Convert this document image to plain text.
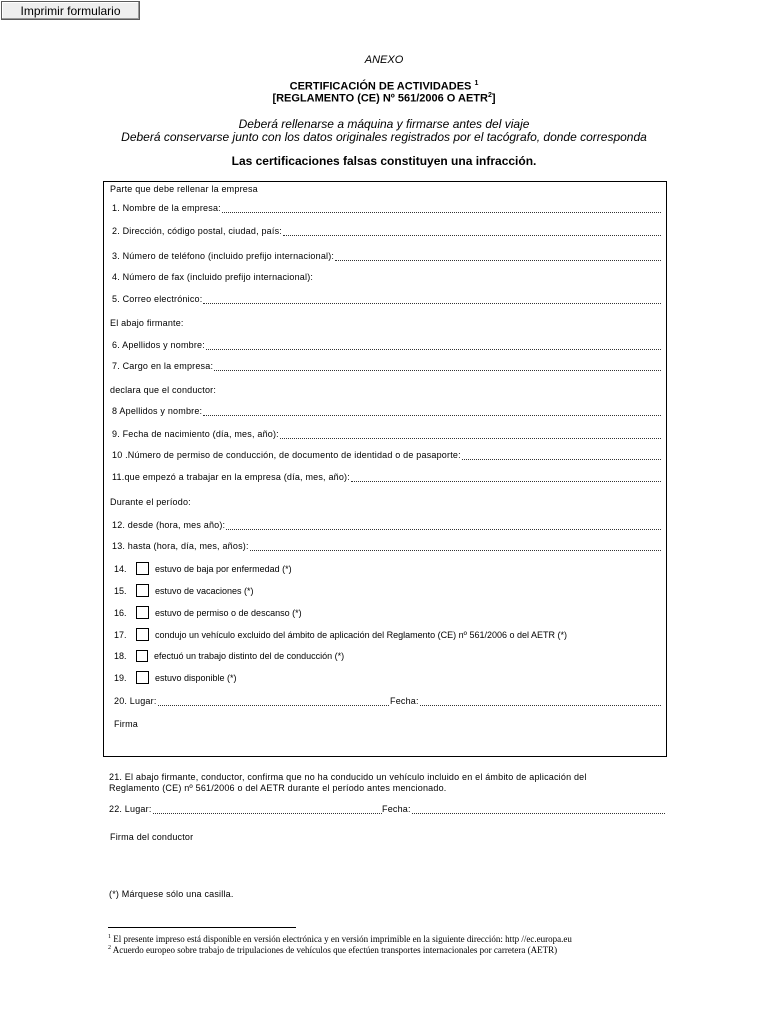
Imprimir formulario
ANEXO
CERTIFICACIÓN DE ACTIVIDADES $^1$
[REGLAMENTO (CE) Nº 561/2006 O AETR$^2$]
Deberá rellenarse a máquina y firmarse antes del viaje
Deberá conservarse junto con los datos originales registrados por el tacógrafo, donde corresponda
Las certificaciones falsas constituyen una infracción.
Parte que debe rellenar la empresa
1. Nombre de la empresa:
2. Dirección, código postal, ciudad, país:
3. Número de teléfono (incluido prefijo internacional):
4. Número de fax (incluido prefijo internacional):
5. Correo electrónico:
El abajo firmante:
6. Apellidos y nombre:
7. Cargo en la empresa:
declara que el conductor:
8 Apellidos y nombre:
9. Fecha de nacimiento (día, mes, año):
10 .Número de permiso de conducción, de documento de identidad o de pasaporte:
11.que empezó a trabajar en la empresa (día, mes, año):
Durante el período:
12. desde (hora, mes año):
13. hasta (hora, día, mes, años):
14.	estuvo de baja por enfermedad (*)
15.	estuvo de vacaciones (*)
16.	estuvo de permiso o de descanso (*)
17.	condujo un vehículo excluido del ámbito de aplicación del Reglamento (CE) nº 561/2006 o del AETR (*)
18.	efectuó un trabajo distinto del de conducción (*)
19.	estuvo disponible (*)
20. Lugar:	Fecha:
Firma
21. El abajo firmante, conductor, confirma que no ha conducido un vehículo incluido en el ámbito de aplicación del
Reglamento (CE) nº 561/2006 o del AETR durante el período antes mencionado.
22. Lugar:	Fecha:
Firma del conductor
(*) Márquese sólo una casilla.
$^1$ El presente impreso está disponible en versión electrónica y en versión imprimible en la siguiente dirección: http //ec.europa.eu
$^2$ Acuerdo europeo sobre trabajo de tripulaciones de vehículos que efectúen transportes internacionales por carretera (AETR)
